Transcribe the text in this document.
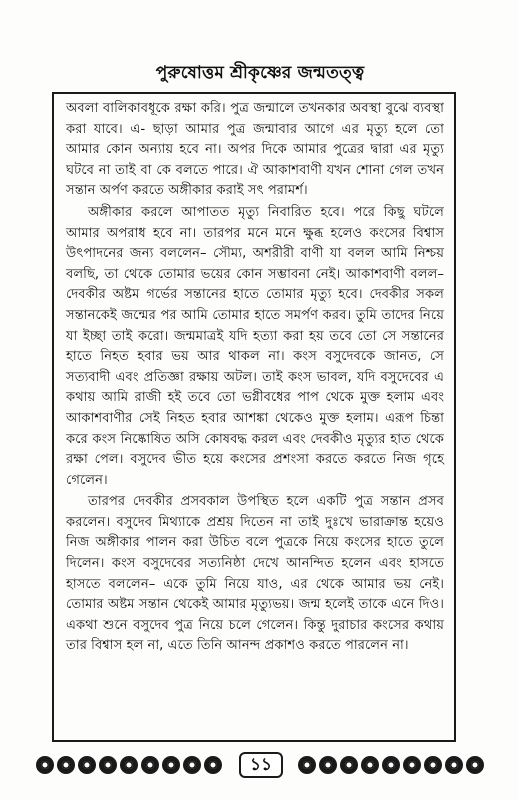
পুরুষোত্তম শ্রীকৃষ্ণের জন্মতত্ত্ব

অবলা বালিকাবধূকে রক্ষা করি। পুত্র জন্মালে তখনকার অবস্থা বুঝে ব্যবস্থা করা যাবে। এ- ছাড়া আমার পুত্র জন্মাবার আগে এর মৃত্যু হলে তো আমার কোন অন্যায় হবে না। অপর দিকে আমার পুত্রের দ্বারা এর মৃত্যু ঘটবে না তাই বা কে বলতে পারে। ঐ আকাশবাণী যখন শোনা গেল তখন সন্তান অর্পণ করতে অঙ্গীকার করাই সৎ পরামর্শ।

অঙ্গীকার করলে আপাতত মৃত্যু নিবারিত হবে। পরে কিছু ঘটলে আমার অপরাধ হবে না। তারপর মনে মনে ক্ষুব্ধ হলেও কংসের বিশ্বাস উৎপাদনের জন্য বললেন– সৌম্য, অশরীরী বাণী যা বলল আমি নিশ্চয় বলছি, তা থেকে তোমার ভয়ের কোন সম্ভাবনা নেই। আকাশবাণী বলল– দেবকীর অষ্টম গর্ভের সন্তানের হাতে তোমার মৃত্যু হবে। দেবকীর সকল সন্তানকেই জন্মের পর আমি তোমার হাতে সমর্পণ করব। তুমি তাদের নিয়ে যা ইচ্ছা তাই করো। জন্মমাত্রই যদি হত্যা করা হয় তবে তো সে সন্তানের হাতে নিহত হবার ভয় আর থাকল না। কংস বসুদেবকে জানত, সে সত্যবাদী এবং প্রতিজ্ঞা রক্ষায় অটল। তাই কংস ভাবল, যদি বসুদেবের এ কথায় আমি রাজী হই তবে তো ভগ্নীবধের পাপ থেকে মুক্ত হলাম এবং আকাশবাণীর সেই নিহত হবার আশঙ্কা থেকেও মুক্ত হলাম। এরূপ চিন্তা করে কংস নিষ্কোষিত অসি কোষবদ্ধ করল এবং দেবকীও মৃত্যুর হাত থেকে রক্ষা পেল। বসুদেব ভীত হয়ে কংসের প্রশংসা করতে করতে নিজ গৃহে গেলেন।

তারপর দেবকীর প্রসবকাল উপস্থিত হলে একটি পুত্র সন্তান প্রসব করলেন। বসুদেব মিথ্যাকে প্রশ্রয় দিতেন না তাই দুঃখে ভারাক্রান্ত হয়েও নিজ অঙ্গীকার পালন করা উচিত বলে পুত্রকে নিয়ে কংসের হাতে তুলে দিলেন। কংস বসুদেবের সত্যনিষ্ঠা দেখে আনন্দিত হলেন এবং হাসতে হাসতে বললেন– একে তুমি নিয়ে যাও, এর থেকে আমার ভয় নেই। তোমার অষ্টম সন্তান থেকেই আমার মৃত্যুভয়। জন্ম হলেই তাকে এনে দিও। একথা শুনে বসুদেব পুত্র নিয়ে চলে গেলেন। কিন্তু দুরাচার কংসের কথায় তার বিশ্বাস হল না, এতে তিনি আনন্দ প্রকাশও করতে পারলেন না।

১১
